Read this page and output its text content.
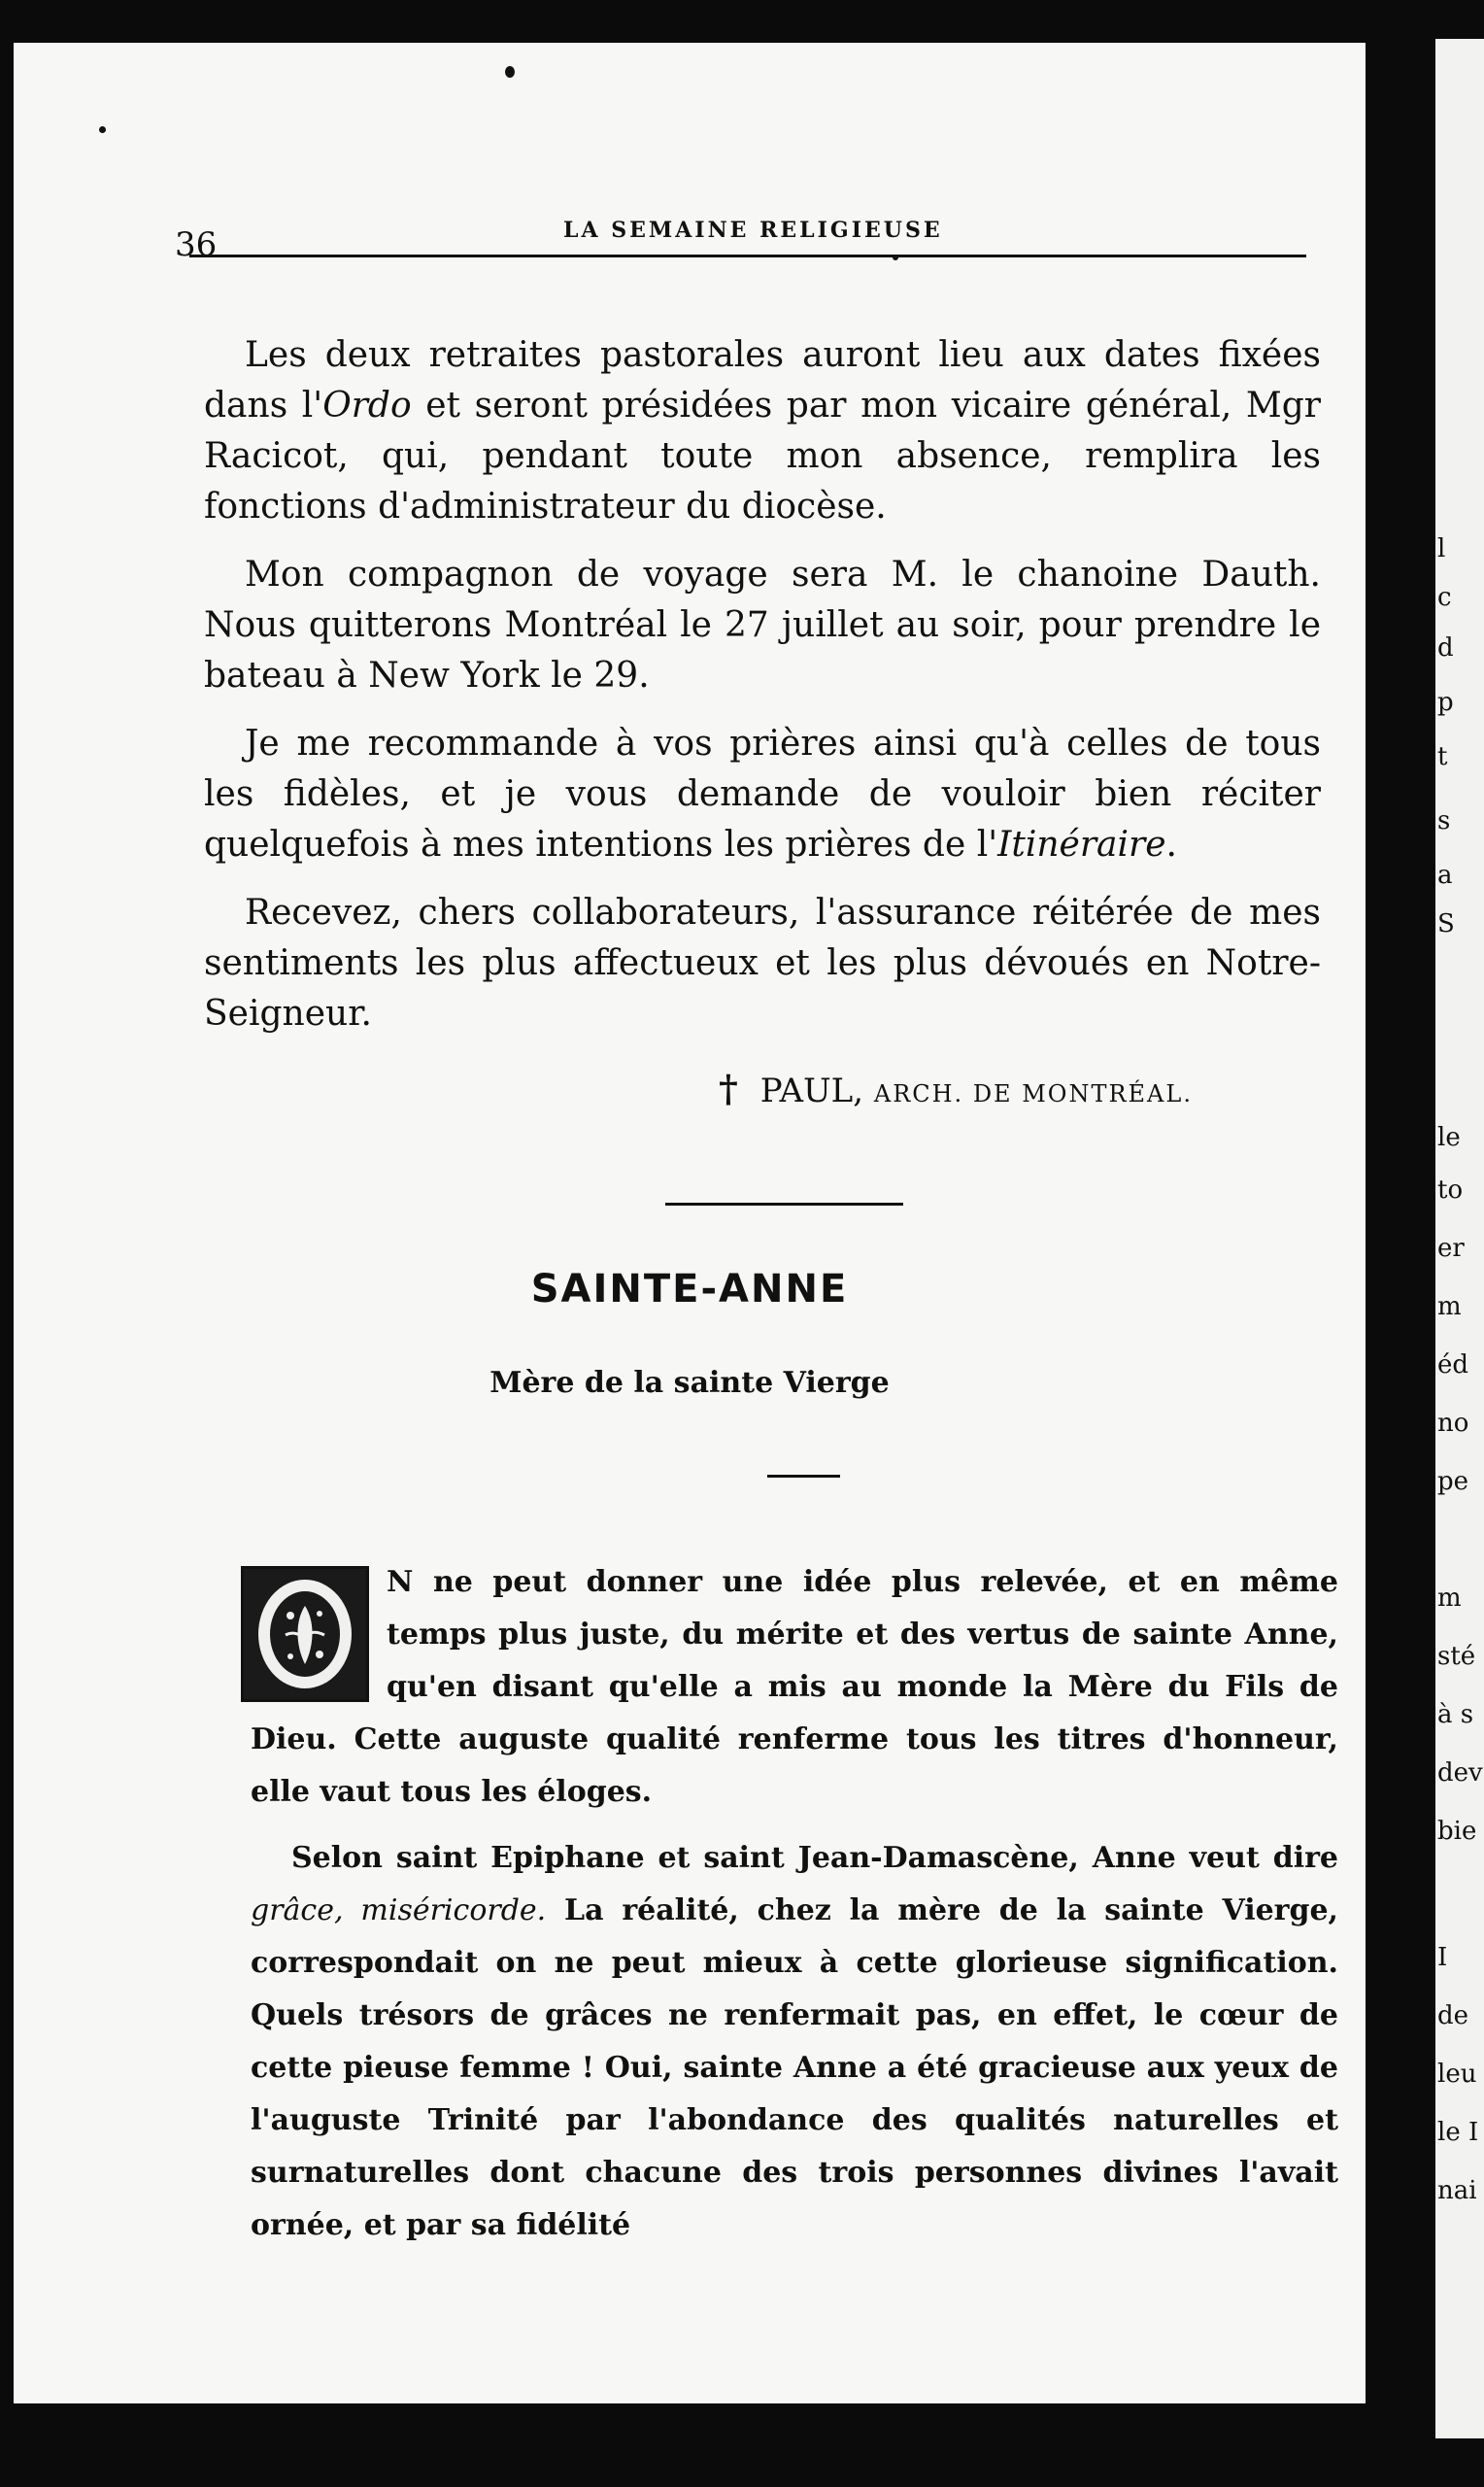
36	LA SEMAINE RELIGIEUSE

Les deux retraites pastorales auront lieu aux dates fixées dans l'Ordo et seront présidées par mon vicaire général, Mgr Racicot, qui, pendant toute mon absence, remplira les fonctions d'administrateur du diocèse.

Mon compagnon de voyage sera M. le chanoine Dauth. Nous quitterons Montréal le 27 juillet au soir, pour prendre le bateau à New York le 29.

Je me recommande à vos prières ainsi qu'à celles de tous les fidèles, et je vous demande de vouloir bien réciter quelquefois à mes intentions les prières de l'Itinéraire.

Recevez, chers collaborateurs, l'assurance réitérée de mes sentiments les plus affectueux et les plus dévoués en Notre-Seigneur.

† PAUL, ARCH. DE MONTRÉAL.
SAINTE-ANNE
Mère de la sainte Vierge

N ne peut donner une idée plus relevée, et en même temps plus juste, du mérite et des vertus de sainte Anne, qu'en disant qu'elle a mis au monde la Mère du Fils de Dieu. Cette auguste qualité renferme tous les titres d'honneur, elle vaut tous les éloges.

Selon saint Epiphane et saint Jean-Damascène, Anne veut dire grâce, miséricorde. La réalité, chez la mère de la sainte Vierge, correspondait on ne peut mieux à cette glorieuse signification. Quels trésors de grâces ne renfermait pas, en effet, le cœur de cette pieuse femme ! Oui, sainte Anne a été gracieuse aux yeux de l'auguste Trinité par l'abondance des qualités naturelles et surnaturelles dont chacune des trois personnes divines l'avait ornée, et par sa fidélité

l
c
d
p
t
s
a
S
le
to
er
m
éd
no
pe
m
sté
à s
dev
bie
I
de
leu
le I
nai
